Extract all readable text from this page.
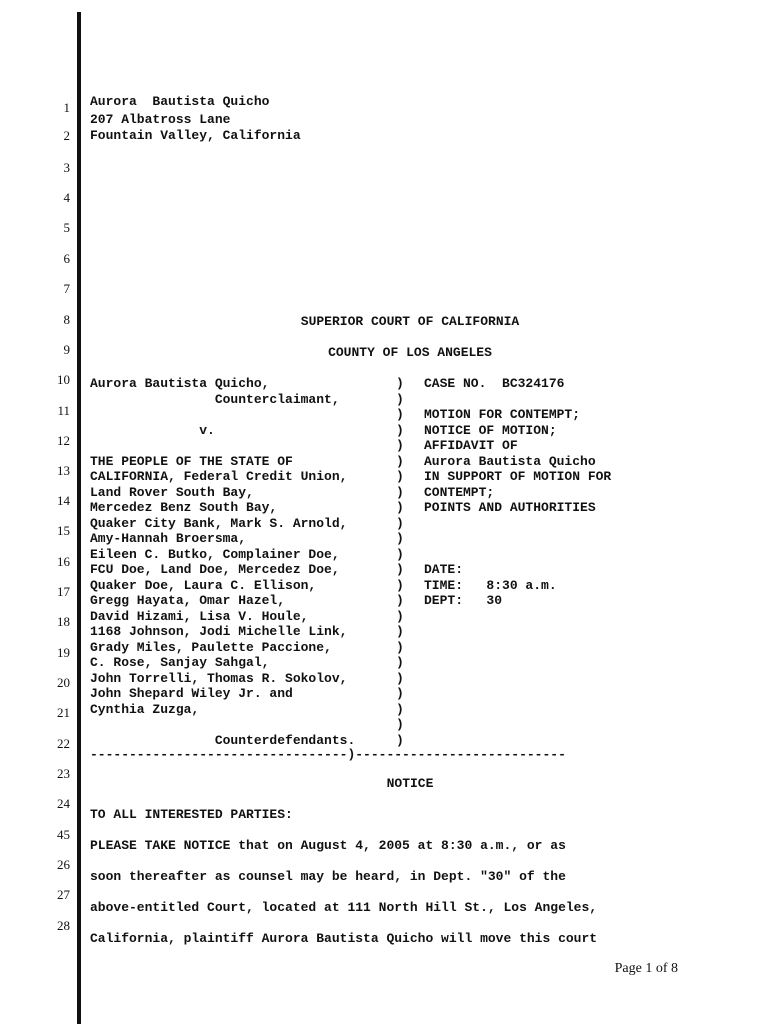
1
2
3
4
5
6
7
8
9
10
11
12
13
14
15
16
17
18
19
20
21
22
23
24
45
26
27
28
Aurora  Bautista Quicho
207 Albatross Lane
Fountain Valley, California
SUPERIOR COURT OF CALIFORNIA
COUNTY OF LOS ANGELES
Aurora Bautista Quicho,
Counterclaimant,
v.
THE PEOPLE OF THE STATE OF
CALIFORNIA, Federal Credit Union,
Land Rover South Bay,
Mercedez Benz South Bay,
Quaker City Bank, Mark S. Arnold,
Amy-Hannah Broersma,
Eileen C. Butko, Complainer Doe,
FCU Doe, Land Doe, Mercedez Doe,
Quaker Doe, Laura C. Ellison,
Gregg Hayata, Omar Hazel,
David Hizami, Lisa V. Houle,
1168 Johnson, Jodi Michelle Link,
Grady Miles, Paulette Paccione,
C. Rose, Sanjay Sahgal,
John Torrelli, Thomas R. Sokolov,
John Shepard Wiley Jr. and
Cynthia Zuzga,
Counterdefendants.
)
)
)
)
)
)
)
)
)
)
)
)
)
)
)
)
)
)
)
)
)
)
)
)
CASE NO.  BC324176
MOTION FOR CONTEMPT;
NOTICE OF MOTION;
AFFIDAVIT OF
Aurora Bautista Quicho
IN SUPPORT OF MOTION FOR
CONTEMPT;
POINTS AND AUTHORITIES
DATE:
TIME:   8:30 a.m.
DEPT:   30
---------------------------------)---------------------------
NOTICE
TO ALL INTERESTED PARTIES:
PLEASE TAKE NOTICE that on August 4, 2005 at 8:30 a.m., or as
soon thereafter as counsel may be heard, in Dept. "30" of the
above-entitled Court, located at 111 North Hill St., Los Angeles,
California, plaintiff Aurora Bautista Quicho will move this court
Page 1 of 8
